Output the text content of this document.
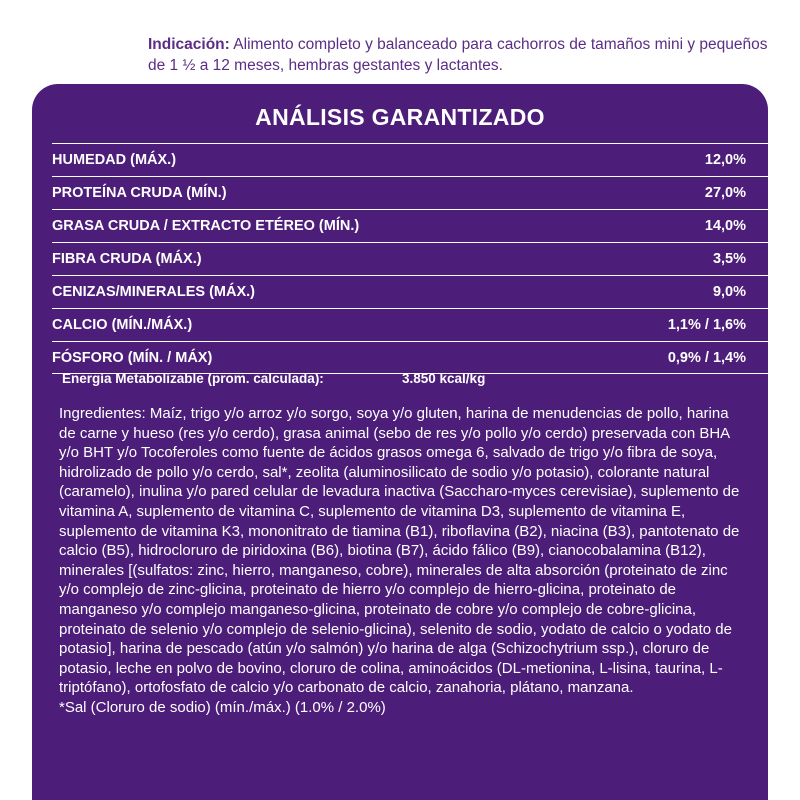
Indicación: Alimento completo y balanceado para cachorros de tamaños mini y pequeños de 1 ½ a 12 meses, hembras gestantes y lactantes.
ANÁLISIS GARANTIZADO
HUMEDAD (MÁX.)	12,0%
PROTEÍNA CRUDA (MÍN.)	27,0%
GRASA CRUDA / EXTRACTO ETÉREO (MÍN.)	14,0%
FIBRA CRUDA (MÁX.)	3,5%
CENIZAS/MINERALES (MÁX.)	9,0%
CALCIO (MÍN./MÁX.)	1,1% / 1,6%
FÓSFORO (MÍN. / MÁX)	0,9% / 1,4%
Energía Metabolizable (prom. calculada):	3.850 kcal/kg

Ingredientes: Maíz, trigo y/o arroz y/o sorgo, soya y/o gluten, harina de menudencias de pollo, harina de carne y hueso (res y/o cerdo), grasa animal (sebo de res y/o pollo y/o cerdo) preservada con BHA y/o BHT y/o Tocoferoles como fuente de ácidos grasos omega 6, salvado de trigo y/o fibra de soya, hidrolizado de pollo y/o cerdo, sal*, zeolita (aluminosilicato de sodio y/o potasio), colorante natural (caramelo), inulina y/o pared celular de levadura inactiva (Saccharo-myces cerevisiae), suplemento de vitamina A, suplemento de vitamina C, suplemento de vitamina D3, suplemento de vitamina E, suplemento de vitamina K3, mononitrato de tiamina (B1), riboflavina (B2), niacina (B3), pantotenato de calcio (B5), hidrocloruro de piridoxina (B6), biotina (B7), ácido fálico (B9), cianocobalamina (B12), minerales [(sulfatos: zinc, hierro, manganeso, cobre), minerales de alta absorción (proteinato de zinc y/o complejo de zinc-glicina, proteinato de hierro y/o complejo de hierro-glicina, proteinato de manganeso y/o complejo manganeso-glicina, proteinato de cobre y/o complejo de cobre-glicina, proteinato de selenio y/o complejo de selenio-glicina), selenito de sodio, yodato de calcio o yodato de potasio], harina de pescado (atún y/o salmón) y/o harina de alga (Schizochytrium ssp.), cloruro de potasio, leche en polvo de bovino, cloruro de colina, aminoácidos (DL-metionina, L-lisina, taurina, L-triptófano), ortofosfato de calcio y/o carbonato de calcio, zanahoria, plátano, manzana.

*Sal (Cloruro de sodio) (mín./máx.) (1.0% / 2.0%)
